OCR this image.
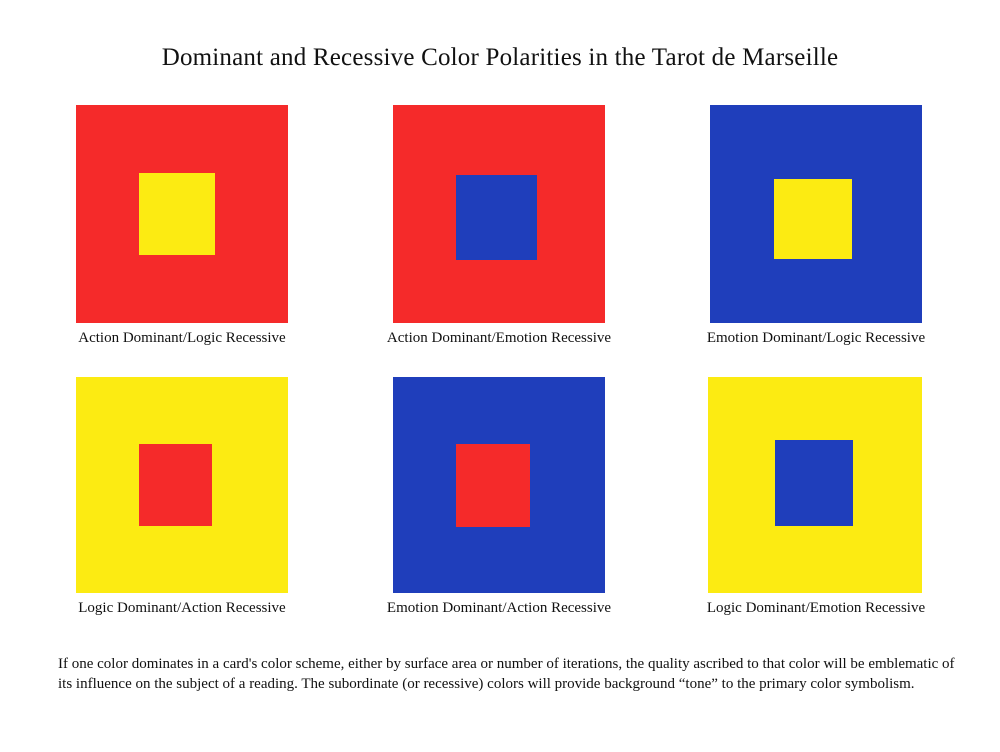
Dominant and Recessive Color Polarities in the Tarot de Marseille
Action Dominant/Logic Recessive	Action Dominant/Emotion Recessive	Emotion Dominant/Logic Recessive
Logic Dominant/Action Recessive	Emotion Dominant/Action Recessive	Logic Dominant/Emotion Recessive
If one color dominates in a card's color scheme, either by surface area or number of iterations, the quality ascribed to that color will be emblematic of its influence on the subject of a reading. The subordinate (or recessive) colors will provide background “tone” to the primary color symbolism.
